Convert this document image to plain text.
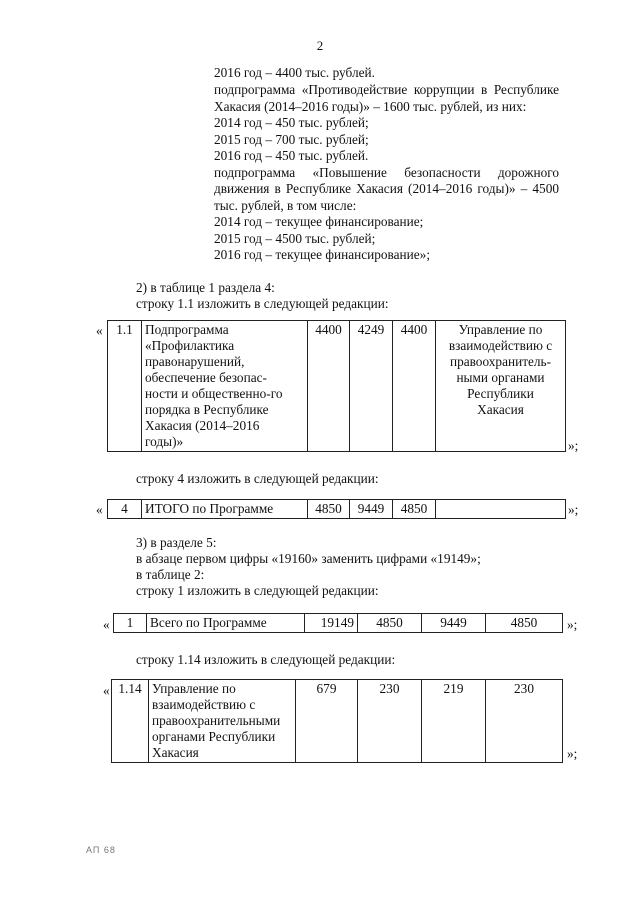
2
2016 год – 4400 тыс. рублей.
подпрограмма «Противодействие коррупции в Республике
Хакасия (2014–2016 годы)» – 1600 тыс. рублей, из них:
2014 год – 450 тыс. рублей;
2015 год – 700 тыс. рублей;
2016 год – 450 тыс. рублей.
подпрограмма «Повышение безопасности дорожного
движения в Республике Хакасия (2014–2016 годы)» – 4500
тыс. рублей, в том числе:
2014 год – текущее финансирование;
2015 год – 4500 тыс. рублей;
2016 год – текущее финансирование»;
2) в таблице 1 раздела 4:
строку 1.1 изложить в следующей редакции:
« 1.1	Подпрограмма
«Профилактика
правонарушений,
обеспечение безопас-
ности и общественно-го
порядка в Республике
Хакасия (2014–2016
годы)»
	4400	4249	4400	Управление по
взаимодействию с
правоохранитель-
ными органами
Республики
Хакасия
»;
строку 4 изложить в следующей редакции:
« 4	ИТОГО по Программе	4850	9449	4850		»;
3) в разделе 5:
в абзаце первом цифры «19160» заменить цифрами «19149»;
в таблице 2:
строку 1 изложить в следующей редакции:
« 1	Всего по Программе	19149	4850	9449	4850 »;
строку 1.14 изложить в следующей редакции:
« 1.14	Управление по
взаимодействию с
правоохранительными
органами Республики
Хакасия
	679	230	219	230
»;
АП 68
